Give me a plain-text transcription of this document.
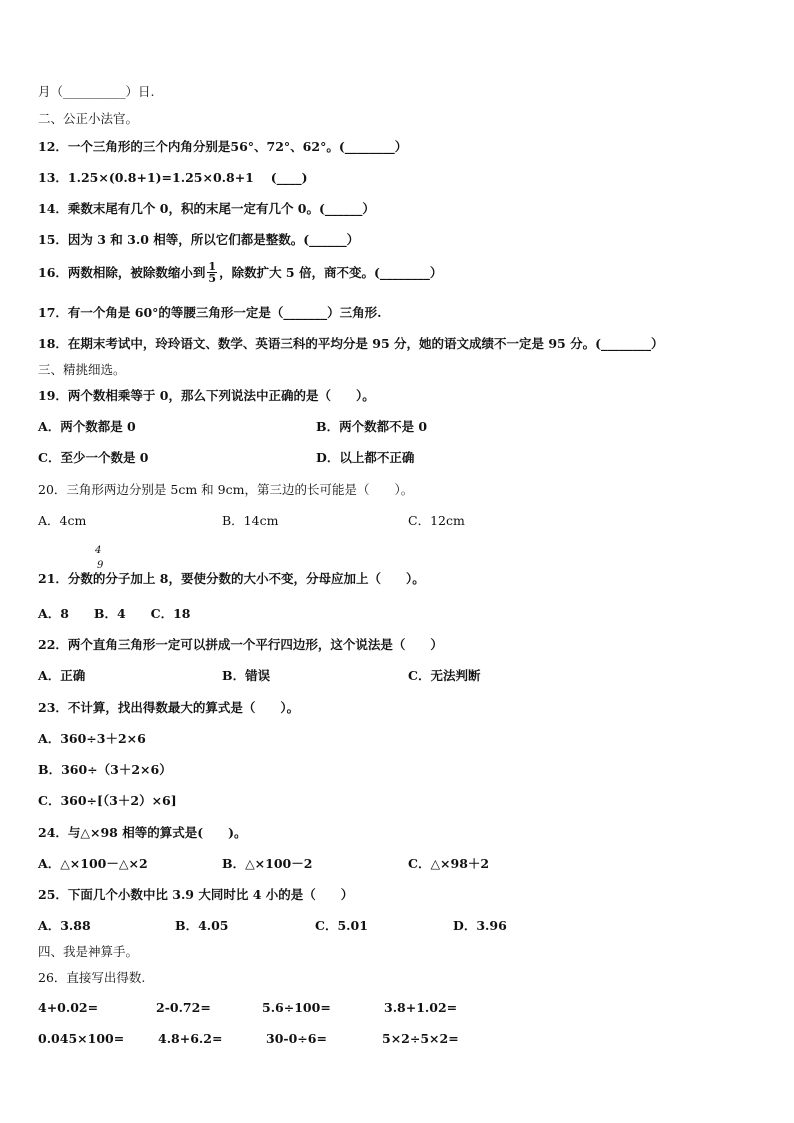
月（__________）日.
二、公正小法官。
12．一个三角形的三个内角分别是56°、72°、62°。(________）
13．1.25×(0.8+1)=1.25×0.8+1　 (____)
14．乘数末尾有几个 0，积的末尾一定有几个 0。(______）
15．因为 3 和 3.0 相等，所以它们都是整数。(______）
16．两数相除，被除数缩小到 $\frac{1}{5}$ ，除数扩大 5 倍，商不变。(________）
17．有一个角是 60°的等腰三角形一定是（_______）三角形.
18．在期末考试中，玲玲语文、数学、英语三科的平均分是 95 分，她的语文成绩不一定是 95 分。(________）
三、精挑细选。
19．两个数相乘等于 0，那么下列说法中正确的是（　　）。
A．两个数都是 0	B．两个数都不是 0
C．至少一个数是 0	D．以上都不正确
20．三角形两边分别是 5cm 和 9cm，第三边的长可能是（　　）。
A．4cm	B．14cm	C．12cm
4
9
21．分数的分子加上 8，要使分数的大小不变，分母应加上（　　）。
A．8　　B．4　　C．18
22．两个直角三角形一定可以拼成一个平行四边形，这个说法是（　　）
A．正确	B．错误	C．无法判断
23．不计算，找出得数最大的算式是（　　）。
A．360÷3＋2×6
B．360÷（3＋2×6）
C．360÷[（3＋2）×6]
24．与△×98 相等的算式是(　　)。
A．△×100－△×2	B．△×100－2	C．△×98＋2
25．下面几个小数中比 3.9 大同时比 4 小的是（　　）
A．3.88	B．4.05	C．5.01	D．3.96
四、我是神算手。
26．直接写出得数.
4+0.02=	2-0.72=	5.6÷100=	3.8+1.02=
0.045×100=	4.8+6.2=	30-0÷6=	5×2÷5×2=
